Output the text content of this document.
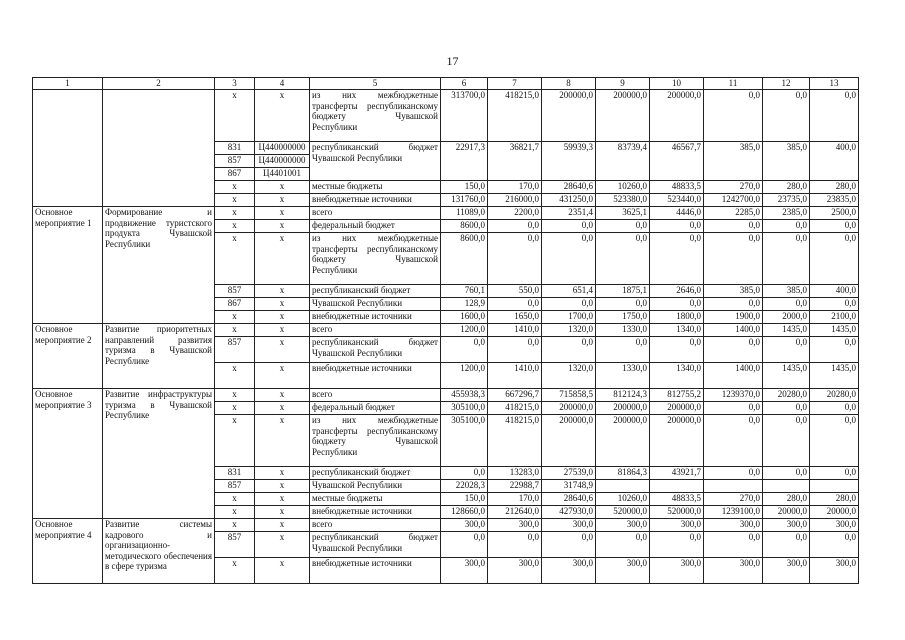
17
1	2	3	4	5	6	7	8	9	10	11	12	13
		x	x	из них межбюджетные трансферты республиканскому бюджету Чувашской Республики	313700,0	418215,0	200000,0	200000,0	200000,0	0,0	0,0	0,0
		831	Ц440000000	республиканский бюджет Чувашской Республики	22917,3	36821,7	59939,3	83739,4	46567,7	385,0	385,0	400,0
		857	Ц440000000									
		867	Ц4401001									
		x	x	местные бюджеты	150,0	170,0	28640,6	10260,0	48833,5	270,0	280,0	280,0
		x	x	внебюджетные источники	131760,0	216000,0	431250,0	523380,0	523440,0	1242700,0	23735,0	23835,0
Основное мероприятие 1	Формирование и продвижение туристского продукта Чувашской Республики	x	x	всего	11089,0	2200,0	2351,4	3625,1	4446,0	2285,0	2385,0	2500,0
		x	x	федеральный бюджет	8600,0	0,0	0,0	0,0	0,0	0,0	0,0	0,0
		x	x	из них межбюджетные трансферты республиканскому бюджету Чувашской Республики	8600,0	0,0	0,0	0,0	0,0	0,0	0,0	0,0
		857	x	республиканский бюджет	760,1	550,0	651,4	1875,1	2646,0	385,0	385,0	400,0
		867	x	Чувашской Республики	128,9	0,0	0,0	0,0	0,0	0,0	0,0	0,0
		x	x	внебюджетные источники	1600,0	1650,0	1700,0	1750,0	1800,0	1900,0	2000,0	2100,0
Основное мероприятие 2	Развитие приоритетных направлений развития туризма в Чувашской Республике	x	x	всего	1200,0	1410,0	1320,0	1330,0	1340,0	1400,0	1435,0	1435,0
		857	x	республиканский бюджет Чувашской Республики	0,0	0,0	0,0	0,0	0,0	0,0	0,0	0,0
		x	x	внебюджетные источники	1200,0	1410,0	1320,0	1330,0	1340,0	1400,0	1435,0	1435,0
Основное мероприятие 3	Развитие инфраструктуры туризма в Чувашской Республике	x	x	всего	455938,3	667296,7	715858,5	812124,3	812755,2	1239370,0	20280,0	20280,0
		x	x	федеральный бюджет	305100,0	418215,0	200000,0	200000,0	200000,0	0,0	0,0	0,0
		x	x	из них межбюджетные трансферты республиканскому бюджету Чувашской Республики	305100,0	418215,0	200000,0	200000,0	200000,0	0,0	0,0	0,0
		831	x	республиканский бюджет	0,0	13283,0	27539,0	81864,3	43921,7	0,0	0,0	0,0
		857	x	Чувашской Республики	22028,3	22988,7	31748,9					
		x	x	местные бюджеты	150,0	170,0	28640,6	10260,0	48833,5	270,0	280,0	280,0
		x	x	внебюджетные источники	128660,0	212640,0	427930,0	520000,0	520000,0	1239100,0	20000,0	20000,0
Основное мероприятие 4	Развитие системы кадрового и организационно-методического обеспечения в сфере туризма	x	x	всего	300,0	300,0	300,0	300,0	300,0	300,0	300,0	300,0
		857	x	республиканский бюджет Чувашской Республики	0,0	0,0	0,0	0,0	0,0	0,0	0,0	0,0
		x	x	внебюджетные источники	300,0	300,0	300,0	300,0	300,0	300,0	300,0	300,0
